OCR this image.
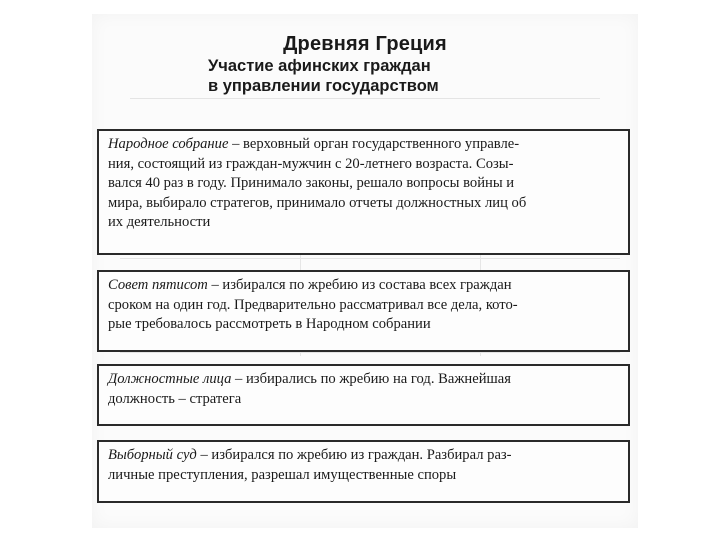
Древняя Греция
Участие афинских граждан
в управлении государством
Народное собрание – верховный орган государственного управле-
ния, состоящий из граждан-мужчин с 20-летнего возраста. Созы-
вался 40 раз в году. Принимало законы, решало вопросы войны и
мира, выбирало стратегов, принимало отчеты должностных лиц об
их деятельности
Совет пятисот – избирался по жребию из состава всех граждан
сроком на один год. Предварительно рассматривал все дела, кото-
рые требовалось рассмотреть в Народном собрании
Должностные лица – избирались по жребию на год. Важнейшая
должность – стратега
Выборный суд – избирался по жребию из граждан. Разбирал раз-
личные преступления, разрешал имущественные споры
